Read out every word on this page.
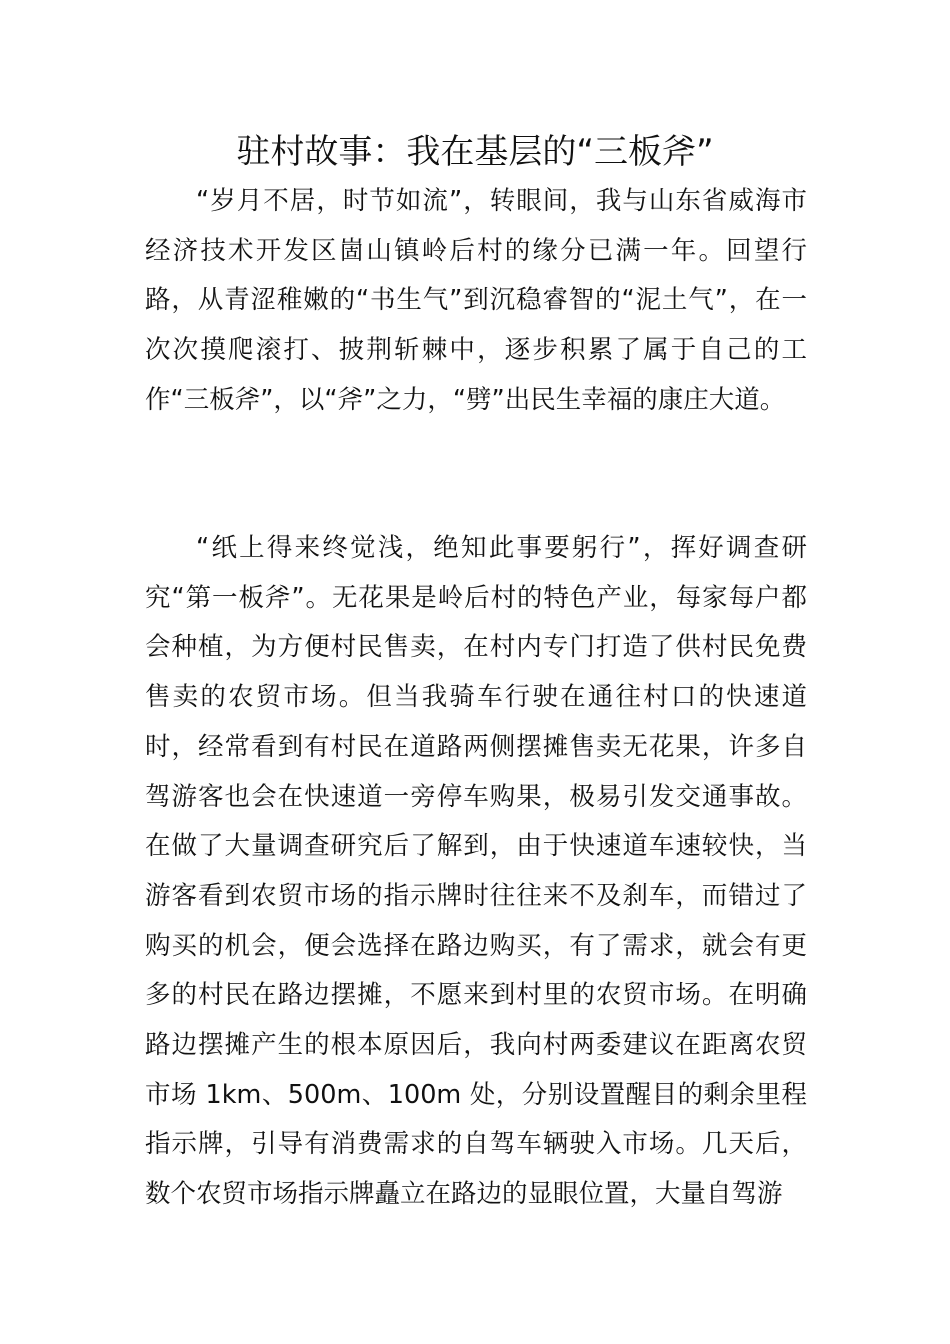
驻村故事：我在基层的“三板斧”

“岁月不居，时节如流”，转眼间，我与山东省威海市经济技术开发区崮山镇岭后村的缘分已满一年。回望行路，从青涩稚嫩的“书生气”到沉稳睿智的“泥土气”，在一次次摸爬滚打、披荆斩棘中，逐步积累了属于自己的工作“三板斧”，以“斧”之力，“劈”出民生幸福的康庄大道。

“纸上得来终觉浅，绝知此事要躬行”，挥好调查研究“第一板斧”。无花果是岭后村的特色产业，每家每户都会种植，为方便村民售卖，在村内专门打造了供村民免费售卖的农贸市场。但当我骑车行驶在通往村口的快速道时，经常看到有村民在道路两侧摆摊售卖无花果，许多自驾游客也会在快速道一旁停车购果，极易引发交通事故。在做了大量调查研究后了解到，由于快速道车速较快，当游客看到农贸市场的指示牌时往往来不及刹车，而错过了购买的机会，便会选择在路边购买，有了需求，就会有更多的村民在路边摆摊，不愿来到村里的农贸市场。在明确路边摆摊产生的根本原因后，我向村两委建议在距离农贸市场 1km、500m、100m 处，分别设置醒目的剩余里程指示牌，引导有消费需求的自驾车辆驶入市场。几天后，数个农贸市场指示牌矗立在路边的显眼位置，大量自驾游
